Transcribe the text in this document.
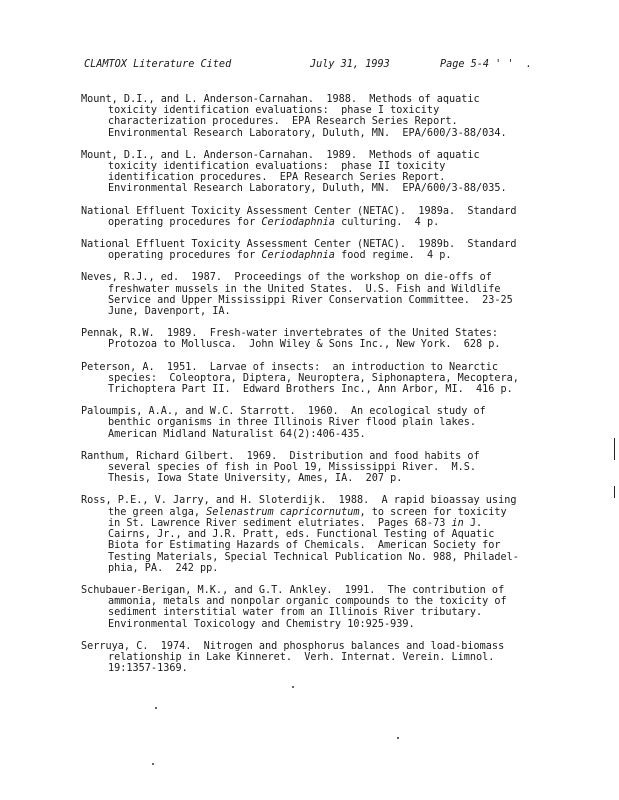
CLAMTOX Literature Cited	July 31, 1993	Page 5-4 ' '  .

Mount, D.I., and L. Anderson-Carnahan.  1988.  Methods of aquatic
toxicity identification evaluations:  phase I toxicity
characterization procedures.  EPA Research Series Report.
Environmental Research Laboratory, Duluth, MN.  EPA/600/3-88/034.

Mount, D.I., and L. Anderson-Carnahan.  1989.  Methods of aquatic
toxicity identification evaluations:  phase II toxicity
identification procedures.  EPA Research Series Report.
Environmental Research Laboratory, Duluth, MN.  EPA/600/3-88/035.

National Effluent Toxicity Assessment Center (NETAC).  1989a.  Standard
operating procedures for Ceriodaphnia culturing.  4 p.

National Effluent Toxicity Assessment Center (NETAC).  1989b.  Standard
operating procedures for Ceriodaphnia food regime.  4 p.

Neves, R.J., ed.  1987.  Proceedings of the workshop on die-offs of
freshwater mussels in the United States.  U.S. Fish and Wildlife
Service and Upper Mississippi River Conservation Committee.  23-25
June, Davenport, IA.

Pennak, R.W.  1989.  Fresh-water invertebrates of the United States:
Protozoa to Mollusca.  John Wiley & Sons Inc., New York.  628 p.

Peterson, A.  1951.  Larvae of insects:  an introduction to Nearctic
species:  Coleoptora, Diptera, Neuroptera, Siphonaptera, Mecoptera,
Trichoptera Part II.  Edward Brothers Inc., Ann Arbor, MI.  416 p.

Paloumpis, A.A., and W.C. Starrott.  1960.  An ecological study of
benthic organisms in three Illinois River flood plain lakes.
American Midland Naturalist 64(2):406-435.

Ranthum, Richard Gilbert.  1969.  Distribution and food habits of
several species of fish in Pool 19, Mississippi River.  M.S.
Thesis, Iowa State University, Ames, IA.  207 p.

Ross, P.E., V. Jarry, and H. Sloterdijk.  1988.  A rapid bioassay using
the green alga, Selenastrum capricornutum, to screen for toxicity
in St. Lawrence River sediment elutriates.  Pages 68-73 in J.
Cairns, Jr., and J.R. Pratt, eds. Functional Testing of Aquatic
Biota for Estimating Hazards of Chemicals.  American Society for
Testing Materials, Special Technical Publication No. 988, Philadel-
phia, PA.  242 pp.

Schubauer-Berigan, M.K., and G.T. Ankley.  1991.  The contribution of
ammonia, metals and nonpolar organic compounds to the toxicity of
sediment interstitial water from an Illinois River tributary.
Environmental Toxicology and Chemistry 10:925-939.

Serruya, C.  1974.  Nitrogen and phosphorus balances and load-biomass
relationship in Lake Kinneret.  Verh. Internat. Verein. Limnol.
19:1357-1369.
